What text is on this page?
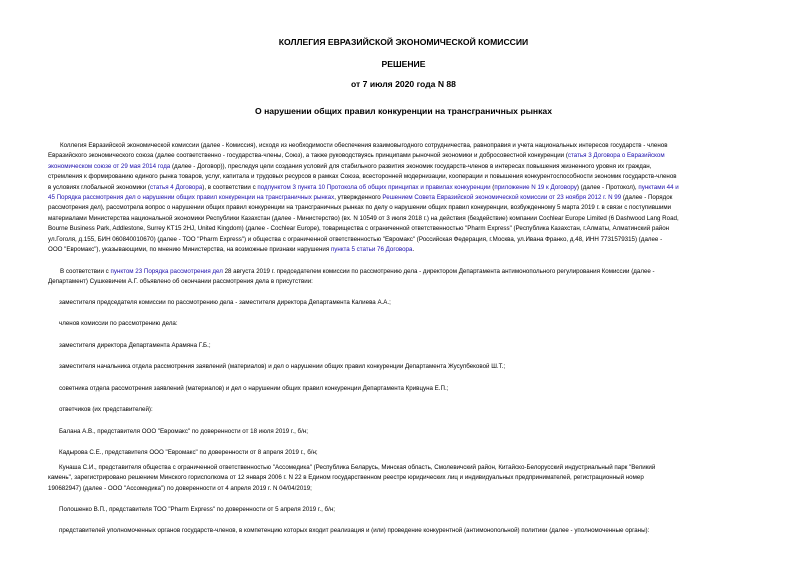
КОЛЛЕГИЯ ЕВРАЗИЙСКОЙ ЭКОНОМИЧЕСКОЙ КОМИССИИ
РЕШЕНИЕ
от 7 июля 2020 года N 88
О нарушении общих правил конкуренции на трансграничных рынках
Коллегия Евразийской экономической комиссии (далее - Комиссия), исходя из необходимости обеспечения взаимовыгодного сотрудничества, равноправия и учета национальных интересов государств - членов
Евразийского экономического союза (далее соответственно - государства-члены, Союз), а также руководствуясь принципами рыночной экономики и добросовестной конкуренции (статья 3 Договора о Евразийском
экономическом союзе от 29 мая 2014 года (далее - Договор)), преследуя цели создания условий для стабильного развития экономик государств-членов в интересах повышения жизненного уровня их граждан,
стремления к формированию единого рынка товаров, услуг, капитала и трудовых ресурсов в рамках Союза, всесторонней модернизации, кооперации и повышения конкурентоспособности экономик государств-членов
в условиях глобальной экономики (статья 4 Договора), в соответствии с подпунктом 3 пункта 10 Протокола об общих принципах и правилах конкуренции (приложение N 19 к Договору) (далее - Протокол), пунктами 44 и
45 Порядка рассмотрения дел о нарушении общих правил конкуренции на трансграничных рынках, утвержденного Решением Совета Евразийской экономической комиссии от 23 ноября 2012 г. N 99 (далее - Порядок
рассмотрения дел), рассмотрела вопрос о нарушении общих правил конкуренции на трансграничных рынках по делу о нарушении общих правил конкуренции, возбужденному 5 марта 2019 г. в связи с поступившими
материалами Министерства национальной экономики Республики Казахстан (далее - Министерство) (вх. N 10549 от 3 июля 2018 г.) на действия (бездействие) компании Cochlear Europe Limited (6 Dashwood Lang Road,
Bourne Business Park, Addlestone, Surrey KT15 2HJ, United Kingdom) (далее - Cochlear Europe), товарищества с ограниченной ответственностью "Pharm Express" (Республика Казахстан, г.Алматы, Алматинский район
ул.Гоголя, д.155, БИН 060840010670) (далее - ТОО "Pharm Express") и общества с ограниченной ответственностью "Евромакс" (Российская Федерация, г.Москва, ул.Ивана Франко, д.48, ИНН 7731579315) (далее -
ООО "Евромакс"), указывающими, по мнению Министерства, на возможные признаки нарушения пункта 5 статьи 76 Договора.
В соответствии с пунктом 23 Порядка рассмотрения дел 28 августа 2019 г. председателем комиссии по рассмотрению дела - директором Департамента антимонопольного регулирования Комиссии (далее -
Департамент) Сушкевичем А.Г. объявлено об окончании рассмотрения дела в присутствии:
заместителя председателя комиссии по рассмотрению дела - заместителя директора Департамента Калиева А.А.;
членов комиссии по рассмотрению дела:
заместителя директора Департамента Арамяна Г.Б.;
заместителя начальника отдела рассмотрения заявлений (материалов) и дел о нарушении общих правил конкуренции Департамента Жусупбековой Ш.Т.;
советника отдела рассмотрения заявлений (материалов) и дел о нарушении общих правил конкуренции Департамента Кривцуна Е.П.;
ответчиков (их представителей):
Балана А.В., представителя ООО "Евромакс" по доверенности от 18 июля 2019 г., б/н;
Кадыровa С.Е., представителя ООО "Евромакс" по доверенности от 8 апреля 2019 г., б/н;
Кунаша С.И., представителя общества с ограниченной ответственностью "Ассомедика" (Республика Беларусь, Минская область, Смолевичский район, Китайско-Белорусский индустриальный парк "Великий
камень", зарегистрировано решением Минского горисполкома от 12 января 2006 г. N 22 в Едином государственном реестре юридических лиц и индивидуальных предпринимателей, регистрационный номер
190682947) (далее - ООО "Ассомедика") по доверенности от 4 апреля 2019 г. N 04/04/2019;
Полошенко В.П., представителя ТОО "Pharm Express" по доверенности от 5 апреля 2019 г., б/н;
представителей уполномоченных органов государств-членов, в компетенцию которых входит реализация и (или) проведение конкурентной (антимонопольной) политики (далее - уполномоченные органы):
